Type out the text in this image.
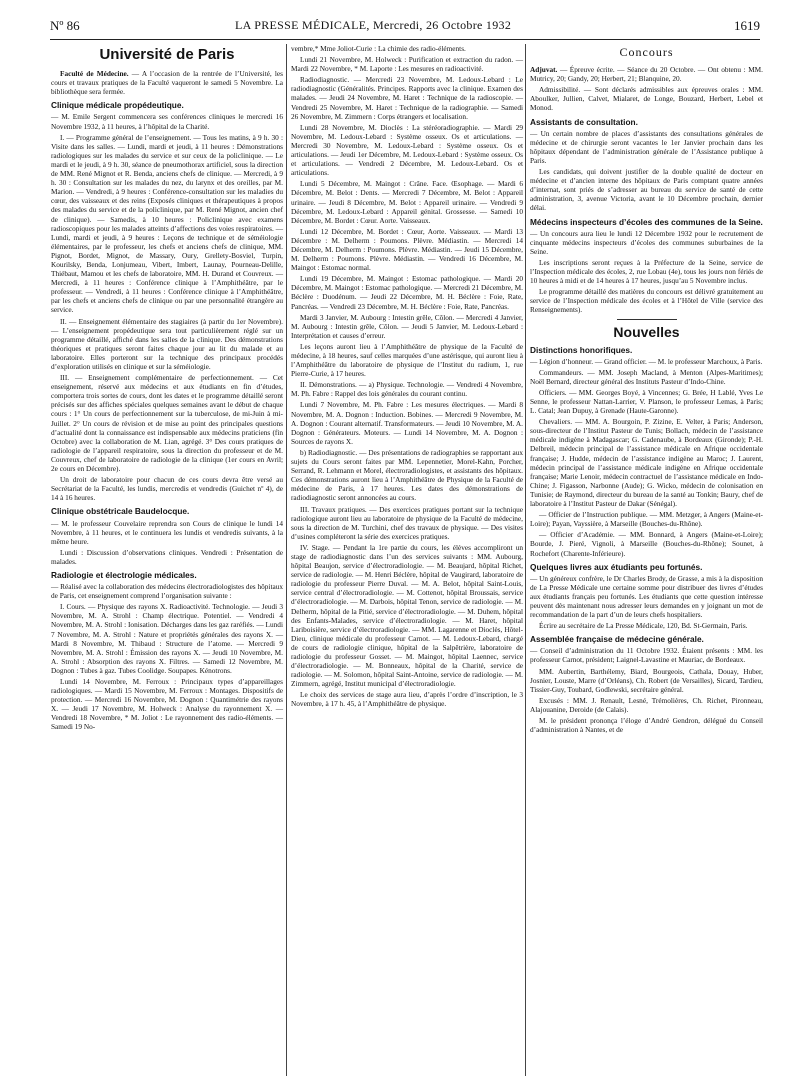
Nº 86	LA PRESSE MÉDICALE, Mercredi, 26 Octobre 1932	1619
Université de Paris

Faculté de Médecine. — A l’occasion de la rentrée de l’Université, les cours et travaux pratiques de la Faculté vaqueront le samedi 5 Novembre. La bibliothèque sera fermée.

Clinique médicale propédeutique.

— M. Emile Sergent commencera ses conférences cliniques le mercredi 16 Novembre 1932, à 11 heures, à l’hôpital de la Charité.

I. — Programme général de l’enseignement. — Tous les matins, à 9 h. 30 : Visite dans les salles. — Lundi, mardi et jeudi, à 11 heures : Démonstrations radiologiques sur les malades du service et sur ceux de la policlinique. — Le mardi et le jeudi, à 9 h. 30, séance de pneumothorax artificiel, sous la direction de MM. René Mignot et R. Benda, anciens chefs de clinique. — Mercredi, à 9 h. 30 : Consultation sur les malades du nez, du larynx et des oreilles, par M. Marion. — Vendredi, à 9 heures : Conférence-consultation sur les maladies du cœur, des vaisseaux et des reins (Exposés cliniques et thérapeutiques à propos des malades du service et de la policlinique, par M. René Mignot, ancien chef de clinique). — Samedis, à 10 heures : Policlinique avec examens radioscopiques pour les malades atteints d’affections des voies respiratoires. — Lundi, mardi et jeudi, à 9 heures : Leçons de technique et de séméiologie élémentaires, par le professeur, les chefs et anciens chefs de clinique, MM. Pignot, Bordet, Mignot, de Massary, Oury, Grellety-Bosviel, Turpin, Kourilsky, Benda, Lonjumeau, Vibert, Imbert, Launay, Pourneau-Delille, Thiébaut, Mamou et les chefs de laboratoire, MM. H. Durand et Couvreux. — Mercredi, à 11 heures : Conférence clinique à l’Amphithéâtre, par le professeur. — Vendredi, à 11 heures : Conférence clinique à l’Amphithéâtre, par les chefs et anciens chefs de clinique ou par une personnalité étrangère au service.

II. — Enseignement élémentaire des stagiaires (à partir du 1er Novembre). — L’enseignement propédeutique sera tout particulièrement réglé sur un programme détaillé, affiché dans les salles de la clinique. Des démonstrations théoriques et pratiques seront faites chaque jour au lit du malade et au laboratoire. Elles porteront sur la technique des principaux procédés d’exploration utilisés en clinique et sur la séméiologie.

III. — Enseignement complémentaire de perfectionnement. — Cet enseignement, réservé aux médecins et aux étudiants en fin d’études, comportera trois sortes de cours, dont les dates et le programme détaillé seront précisés sur des affiches spéciales quelques semaines avant le début de chaque cours : 1° Un cours de perfectionnement sur la tuberculose, de mi-Juin à mi-Juillet. 2° Un cours de révision et de mise au point des principales questions d’actualité dont la connaissance est indispensable aux médecins praticiens (fin Octobre) avec la collaboration de M. Lian, agrégé. 3° Des cours pratiques de radiologie de l’appareil respiratoire, sous la direction du professeur et de M. Couvreux, chef de laboratoire de radiologie de la clinique (1er cours en Avril; 2e cours en Décembre).

Un droit de laboratoire pour chacun de ces cours devra être versé au Secrétariat de la Faculté, les lundis, mercredis et vendredis (Guichet nº 4), de 14 à 16 heures.

Clinique obstétricale Baudelocque.

— M. le professeur Couvelaire reprendra son Cours de clinique le lundi 14 Novembre, à 11 heures, et le continuera les lundis et vendredis suivants, à la même heure.

Lundi : Discussion d’observations cliniques. Vendredi : Présentation de malades.

Radiologie et électrologie médicales.

— Réalisé avec la collaboration des médecins électroradiologistes des hôpitaux de Paris, cet enseignement comprend l’organisation suivante :

I. Cours. — Physique des rayons X. Radioactivité. Technologie. — Jeudi 3 Novembre, M. A. Strohl : Champ électrique. Potentiel. — Vendredi 4 Novembre, M. A. Strohl : Ionisation. Décharges dans les gaz raréfiés. — Lundi 7 Novembre, M. A. Strohl : Nature et propriétés générales des rayons X. — Mardi 8 Novembre, M. Thibaud : Structure de l’atome. — Mercredi 9 Novembre, M. A. Strohl : Émission des rayons X. — Jeudi 10 Novembre, M. A. Strohl : Absorption des rayons X. Filtres. — Samedi 12 Novembre, M. Dognon : Tubes à gaz. Tubes Coolidge. Soupapes. Kénotrons.

Lundi 14 Novembre, M. Ferroux : Principaux types d’appareillages radiologiques. — Mardi 15 Novembre, M. Ferroux : Montages. Dispositifs de protection. — Mercredi 16 Novembre, M. Dognon : Quantimétrie des rayons X. — Jeudi 17 Novembre, M. Holweck : Analyse du rayonnement X. — Vendredi 18 Novembre, * M. Joliot : Le rayonnement des radio-éléments. — Samedi 19 No-

vembre,* Mme Joliot-Curie : La chimie des radio-éléments.

Lundi 21 Novembre, M. Holweck : Purification et extraction du radon. — Mardi 22 Novembre, * M. Laporte : Les mesures en radioactivité.

Radiodiagnostic. — Mercredi 23 Novembre, M. Ledoux-Lebard : Le radiodiagnostic (Généralités. Principes. Rapports avec la clinique. Examen des malades. — Jeudi 24 Novembre, M. Haret : Technique de la radioscopie. — Vendredi 25 Novembre, M. Haret : Technique de la radiographie. — Samedi 26 Novembre, M. Zimmern : Corps étrangers et localisation.

Lundi 28 Novembre, M. Dioclès : La stéréoradiographie. — Mardi 29 Novembre, M. Ledoux-Lebard : Système osseux. Os et articulations. — Mercredi 30 Novembre, M. Ledoux-Lebard : Système osseux. Os et articulations. — Jeudi 1er Décembre, M. Ledoux-Lebard : Système osseux. Os et articulations. — Vendredi 2 Décembre, M. Ledoux-Lebard. Os et articulations.

Lundi 5 Décembre, M. Maingot : Crâne. Face. Œsophage. — Mardi 6 Décembre, M. Belot : Dents. — Mercredi 7 Décembre, M. Belot : Appareil urinaire. — Jeudi 8 Décembre, M. Belot : Appareil urinaire. — Vendredi 9 Décembre, M. Ledoux-Lebard : Appareil génital. Grossesse. — Samedi 10 Décembre, M. Bordet : Cœur. Aorte. Vaisseaux.

Lundi 12 Décembre, M. Bordet : Cœur, Aorte. Vaisseaux. — Mardi 13 Décembre : M. Delherm : Poumons. Plèvre. Médiastin. — Mercredi 14 Décembre, M. Delherm : Poumons. Plèvre. Médiastin. — Jeudi 15 Décembre, M. Delherm : Poumons. Plèvre. Médiastin. — Vendredi 16 Décembre, M. Maingot : Estomac normal.

Lundi 19 Décembre, M. Maingot : Estomac pathologique. — Mardi 20 Décembre, M. Maingot : Estomac pathologique. — Mercredi 21 Décembre, M. Béclère : Duodénum. — Jeudi 22 Décembre, M. H. Béclère : Foie, Rate, Pancréas. — Vendredi 23 Décembre, M. H. Béclère : Foie, Rate, Pancréas.

Mardi 3 Janvier, M. Aubourg : Intestin grêle, Côlon. — Mercredi 4 Janvier, M. Aubourg : Intestin grêle, Côlon. — Jeudi 5 Janvier, M. Ledoux-Lebard : Interprétation et causes d’erreur.

Les leçons auront lieu à l’Amphithéâtre de physique de la Faculté de médecine, à 18 heures, sauf celles marquées d’une astérisque, qui auront lieu à l’Amphithéâtre du laboratoire de physique de l’Institut du radium, 1, rue Pierre-Curie, à 17 heures.

II. Démonstrations. — a) Physique. Technologie. — Vendredi 4 Novembre, M. Ph. Fabre : Rappel des lois générales du courant continu.

Lundi 7 Novembre, M. Ph. Fabre : Les mesures électriques. — Mardi 8 Novembre, M. A. Dognon : Induction. Bobines. — Mercredi 9 Novembre, M. A. Dognon : Courant alternatif. Transformateurs. — Jeudi 10 Novembre, M. A. Dognon : Générateurs. Moteurs. — Lundi 14 Novembre, M. A. Dognon : Sources de rayons X.

b) Radiodiagnostic. — Des présentations de radiographies se rapportant aux sujets du Cours seront faites par MM. Lepennetier, Morel-Kahn, Porcher, Serrand, R. Lehmann et Morel, électroradiologistes, et assistants des hôpitaux. Ces démonstrations auront lieu à l’Amphithéâtre de Physique de la Faculté de médecine de Paris, à 17 heures. Les dates des démonstrations de radiodiagnostic seront annoncées au cours.

III. Travaux pratiques. — Des exercices pratiques portant sur la technique radiologique auront lieu au laboratoire de physique de la Faculté de médecine, sous la direction de M. Turchini, chef des travaux de physique. — Des visites d’usines compléteront la série des exercices pratiques.

IV. Stage. — Pendant la 1re partie du cours, les élèves accompliront un stage de radiodiagnostic dans l’un des services suivants : MM. Aubourg, hôpital Beaujon, service d’électroradiologie. — M. Beaujard, hôpital Richet, service de radiologie. — M. Henri Béclère, hôpital de Vaugirard, laboratoire de radiologie du professeur Pierre Duval. — M. A. Belot, hôpital Saint-Louis, service central d’électroradiologie. — M. Cottenot, hôpital Broussais, service d’électroradiologie. — M. Darbois, hôpital Tenon, service de radiologie. — M. Delherm, hôpital de la Pitié, service d’électroradiologie. — M. Duhem, hôpital des Enfants-Malades, service d’électroradiologie. — M. Haret, hôpital Lariboisière, service d’électroradiologie. — MM. Lagarenne et Dioclès, Hôtel-Dieu, clinique médicale du professeur Carnot. — M. Ledoux-Lebard, chargé de cours de radiologie clinique, hôpital de la Salpêtrière, laboratoire de radiologie du professeur Gosset. — M. Maingot, hôpital Laennec, service d’électroradiologie. — M. Bonneaux, hôpital de la Charité, service de radiologie. — M. Solomon, hôpital Saint-Antoine, service de radiologie. — M. Zimmern, agrégé, Institut municipal d’électroradiologie.

Le choix des services de stage aura lieu, d’après l’ordre d’inscription, le 3 Novembre, à 17 h. 45, à l’Amphithéâtre de physique.

Concours

Adjuvat. — Épreuve écrite. — Séance du 20 Octobre. — Ont obtenu : MM. Mutricy, 20; Gandy, 20; Herbert, 21; Blanquine, 20.

Admissibilité. — Sont déclarés admissibles aux épreuves orales : MM. Aboulker, Jullien, Calvet, Mialaret, de Longe, Bouzard, Herbert, Lebel et Monod.

Assistants de consultation.

— Un certain nombre de places d’assistants des consultations générales de médecine et de chirurgie seront vacantes le 1er Janvier prochain dans les hôpitaux dépendant de l’administration générale de l’Assistance publique à Paris.

Les candidats, qui doivent justifier de la double qualité de docteur en médecine et d’ancien interne des hôpitaux de Paris comptant quatre années d’internat, sont priés de s’adresser au bureau du service de santé de cette administration, 3, avenue Victoria, avant le 10 Décembre prochain, dernier délai.

Médecins inspecteurs d’écoles des communes de la Seine.

— Un concours aura lieu le lundi 12 Décembre 1932 pour le recrutement de cinquante médecins inspecteurs d’écoles des communes suburbaines de la Seine.

Les inscriptions seront reçues à la Préfecture de la Seine, service de l’Inspection médicale des écoles, 2, rue Lobau (4e), tous les jours non fériés de 10 heures à midi et de 14 heures à 17 heures, jusqu’au 5 Novembre inclus.

Le programme détaillé des matières du concours est délivré gratuitement au service de l’Inspection médicale des écoles et à l’Hôtel de Ville (service des Renseignements).

Nouvelles
Distinctions honorifiques.

— Légion d’honneur. — Grand officier. — M. le professeur Marchoux, à Paris.

Commandeurs. — MM. Joseph Macland, à Menton (Alpes-Maritimes); Noël Bernard, directeur général des Instituts Pasteur d’Indo-Chine.

Officiers. — MM. Georges Boyé, à Vincennes; G. Brée, H Lablé, Yves Le Senne, le professeur Nattan-Larrier, V. Planson, le professeur Lemas, à Paris; L. Catal; Jean Dupuy, à Grenade (Haute-Garonne).

Chevaliers. — MM. A. Bourgoin, P. Zizine, E. Velter, à Paris; Anderson, sous-directeur de l’Institut Pasteur de Tunis; Bollach, médecin de l’assistance médicale indigène à Madagascar; G. Cadenaube, à Bordeaux (Gironde); P.-H. Delbreil, médecin principal de l’assistance médicale en Afrique occidentale française; J. Hudde, médecin de l’assistance indigène au Maroc; J. Laurent, médecin principal de l’assistance médicale indigène en Afrique occidentale française; Marie Lenoir, médecin contractuel de l’assistance médicale en Indo-Chine; J. Figasson, Narbonne (Aude); G. Wicko, médecin de colonisation en Tunisie; de Raymond, directeur du bureau de la santé au Tonkin; Baury, chef de laboratoire à l’Institut Pasteur de Dakar (Sénégal).

— Officier de l’Instruction publique. — MM. Metzger, à Angers (Maine-et-Loire); Payan, Vayssière, à Marseille (Bouches-du-Rhône).

— Officier d’Académie. — MM. Bonnard, à Angers (Maine-et-Loire); Bourde, J. Pieré, Vignoli, à Marseille (Bouches-du-Rhône); Sounet, à Rochefort (Charente-Inférieure).

Quelques livres aux étudiants peu fortunés.

— Un généreux confrère, le Dr Charles Brody, de Grasse, a mis à la disposition de La Presse Médicale une certaine somme pour distribuer des livres d’études aux étudiants français peu fortunés. Les étudiants que cette question intéresse peuvent dès maintenant nous adresser leurs demandes en y joignant un mot de recommandation de la part d’un de leurs chefs hospitaliers.

Écrire au secrétaire de La Presse Médicale, 120, Bd. St-Germain, Paris.

Assemblée française de médecine générale.

— Conseil d’administration du 11 Octobre 1932. Étaient présents : MM. les professeur Carnot, président; Laignel-Lavastine et Mauriac, de Bordeaux.

MM. Aubertin, Barthélemy, Biard, Bourgeois, Cathala, Douay, Huber, Josnier, Louste, Marre (d’Orléans), Ch. Robert (de Versailles), Sicard, Tardieu, Tissier-Guy, Toubard, Godlewski, secrétaire général.

Excusés : MM. J. Renault, Lesné, Trémolières, Ch. Richet, Pironneau, Alajouanine, Deroide (de Calais).

M. le président prononça l’éloge d’André Gendron, délégué du Conseil d’administration à Nantes, et de
